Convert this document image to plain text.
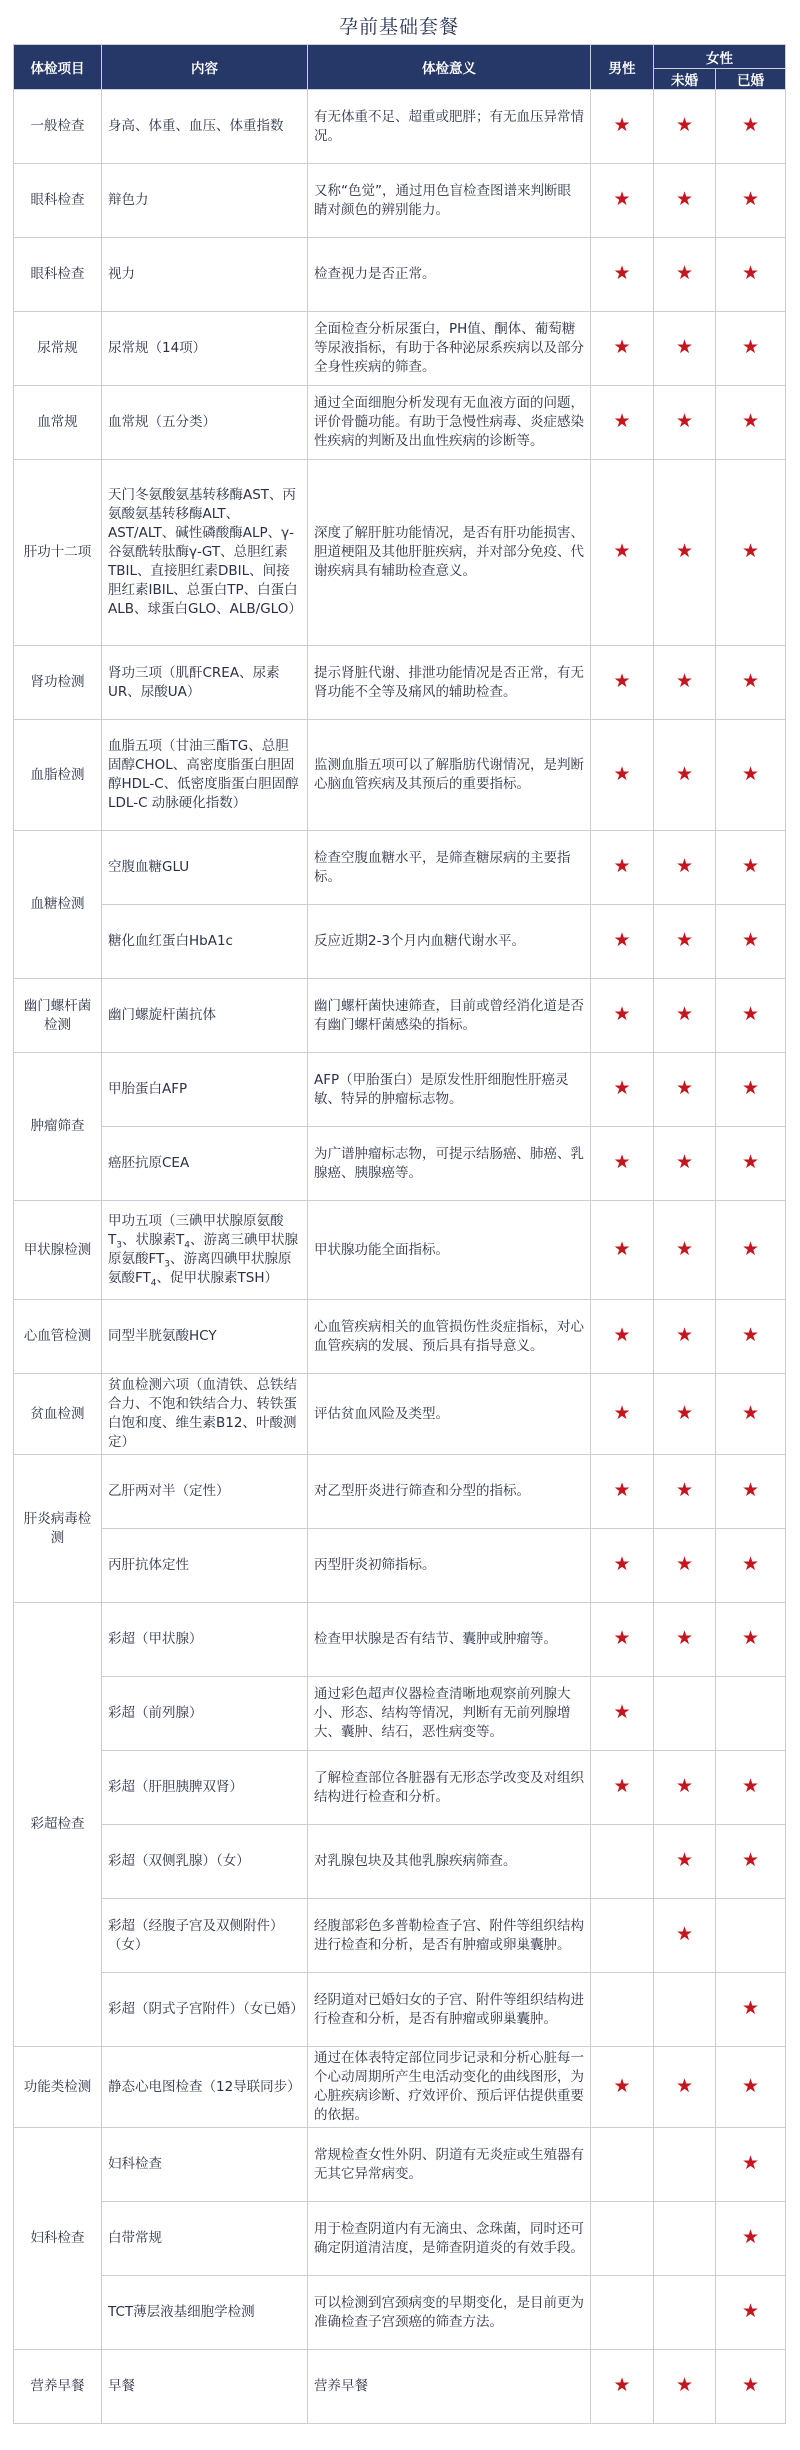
孕前基础套餐
体检项目	内容	体检意义	男性	女性	
				未婚	已婚
一般检查	身高、体重、血压、体重指数	有无体重不足、超重或肥胖；有无血压异常情况。	★	★	★
眼科检查	辩色力	又称“色觉”，通过用色盲检查图谱来判断眼睛对颜色的辨别能力。	★	★	★
眼科检查	视力	检查视力是否正常。	★	★	★
尿常规	尿常规（14项）	全面检查分析尿蛋白，PH值、酮体、葡萄糖等尿液指标，有助于各种泌尿系疾病以及部分全身性疾病的筛查。	★	★	★
血常规	血常规（五分类）	通过全面细胞分析发现有无血液方面的问题，评价骨髓功能。有助于急慢性病毒、炎症感染性疾病的判断及出血性疾病的诊断等。	★	★	★
肝功十二项	天门冬氨酸氨基转移酶AST、丙氨酸氨基转移酶ALT、AST/ALT、碱性磷酸酶ALP、γ-谷氨酰转肽酶γ-GT、总胆红素TBIL、直接胆红素DBIL、间接胆红素IBIL、总蛋白TP、白蛋白ALB、球蛋白GLO、ALB/GLO）	深度了解肝脏功能情况，是否有肝功能损害、胆道梗阻及其他肝脏疾病，并对部分免疫、代谢疾病具有辅助检查意义。	★	★	★
肾功检测	肾功三项（肌酐CREA、尿素UR、尿酸UA）	提示肾脏代谢、排泄功能情况是否正常，有无肾功能不全等及痛风的辅助检查。	★	★	★
血脂检测	血脂五项（甘油三酯TG、总胆固醇CHOL、高密度脂蛋白胆固醇HDL-C、低密度脂蛋白胆固醇LDL-C 动脉硬化指数）	监测血脂五项可以了解脂肪代谢情况，是判断心脑血管疾病及其预后的重要指标。	★	★	★
血糖检测	空腹血糖GLU	检查空腹血糖水平，是筛查糖尿病的主要指标。	★	★	★
	糖化血红蛋白HbA1c	反应近期2-3个月内血糖代谢水平。	★	★	★
幽门螺杆菌检测	幽门螺旋杆菌抗体	幽门螺杆菌快速筛查，目前或曾经消化道是否有幽门螺杆菌感染的指标。	★	★	★
肿瘤筛查	甲胎蛋白AFP	AFP（甲胎蛋白）是原发性肝细胞性肝癌灵敏、特异的肿瘤标志物。	★	★	★
	癌胚抗原CEA	为广谱肿瘤标志物，可提示结肠癌、肺癌、乳腺癌、胰腺癌等。	★	★	★
甲状腺检测	甲功五项（三碘甲状腺原氨酸$T_3$、状腺素$T_4$、游离三碘甲状腺原氨酸$FT_3$、游离四碘甲状腺原氨酸$FT_4$、促甲状腺素TSH）	甲状腺功能全面指标。	★	★	★
心血管检测	同型半胱氨酸HCY	心血管疾病相关的血管损伤性炎症指标，对心血管疾病的发展、预后具有指导意义。	★	★	★
贫血检测	贫血检测六项（血清铁、总铁结合力、不饱和铁结合力、转铁蛋白饱和度、维生素B12、叶酸测定）	评估贫血风险及类型。	★	★	★
肝炎病毒检测	乙肝两对半（定性）	对乙型肝炎进行筛查和分型的指标。	★	★	★
	丙肝抗体定性	丙型肝炎初筛指标。	★	★	★
彩超检查	彩超（甲状腺）	检查甲状腺是否有结节、囊肿或肿瘤等。	★	★	★
	彩超（前列腺）	通过彩色超声仪器检查清晰地观察前列腺大小、形态、结构等情况，判断有无前列腺增大、囊肿、结石，恶性病变等。	★		
	彩超（肝胆胰脾双肾）	了解检查部位各脏器有无形态学改变及对组织结构进行检查和分析。	★	★	★
	彩超（双侧乳腺）（女）	对乳腺包块及其他乳腺疾病筛查。		★	★
	彩超（经腹子宫及双侧附件）（女）	经腹部彩色多普勒检查子宫、附件等组织结构进行检查和分析，是否有肿瘤或卵巢囊肿。		★	
	彩超（阴式子宫附件）（女已婚）	经阴道对已婚妇女的子宫、附件等组织结构进行检查和分析，是否有肿瘤或卵巢囊肿。			★
功能类检测	静态心电图检查（12导联同步）	通过在体表特定部位同步记录和分析心脏每一个心动周期所产生电活动变化的曲线图形，为心脏疾病诊断、疗效评价、预后评估提供重要的依据。	★	★	★
妇科检查	妇科检查	常规检查女性外阴、阴道有无炎症或生殖器有无其它异常病变。			★
	白带常规	用于检查阴道内有无滴虫、念珠菌，同时还可确定阴道清洁度，是筛查阴道炎的有效手段。			★
	TCT薄层液基细胞学检测	可以检测到宫颈病变的早期变化，是目前更为准确检查子宫颈癌的筛查方法。			★
营养早餐	早餐	营养早餐	★	★	★
